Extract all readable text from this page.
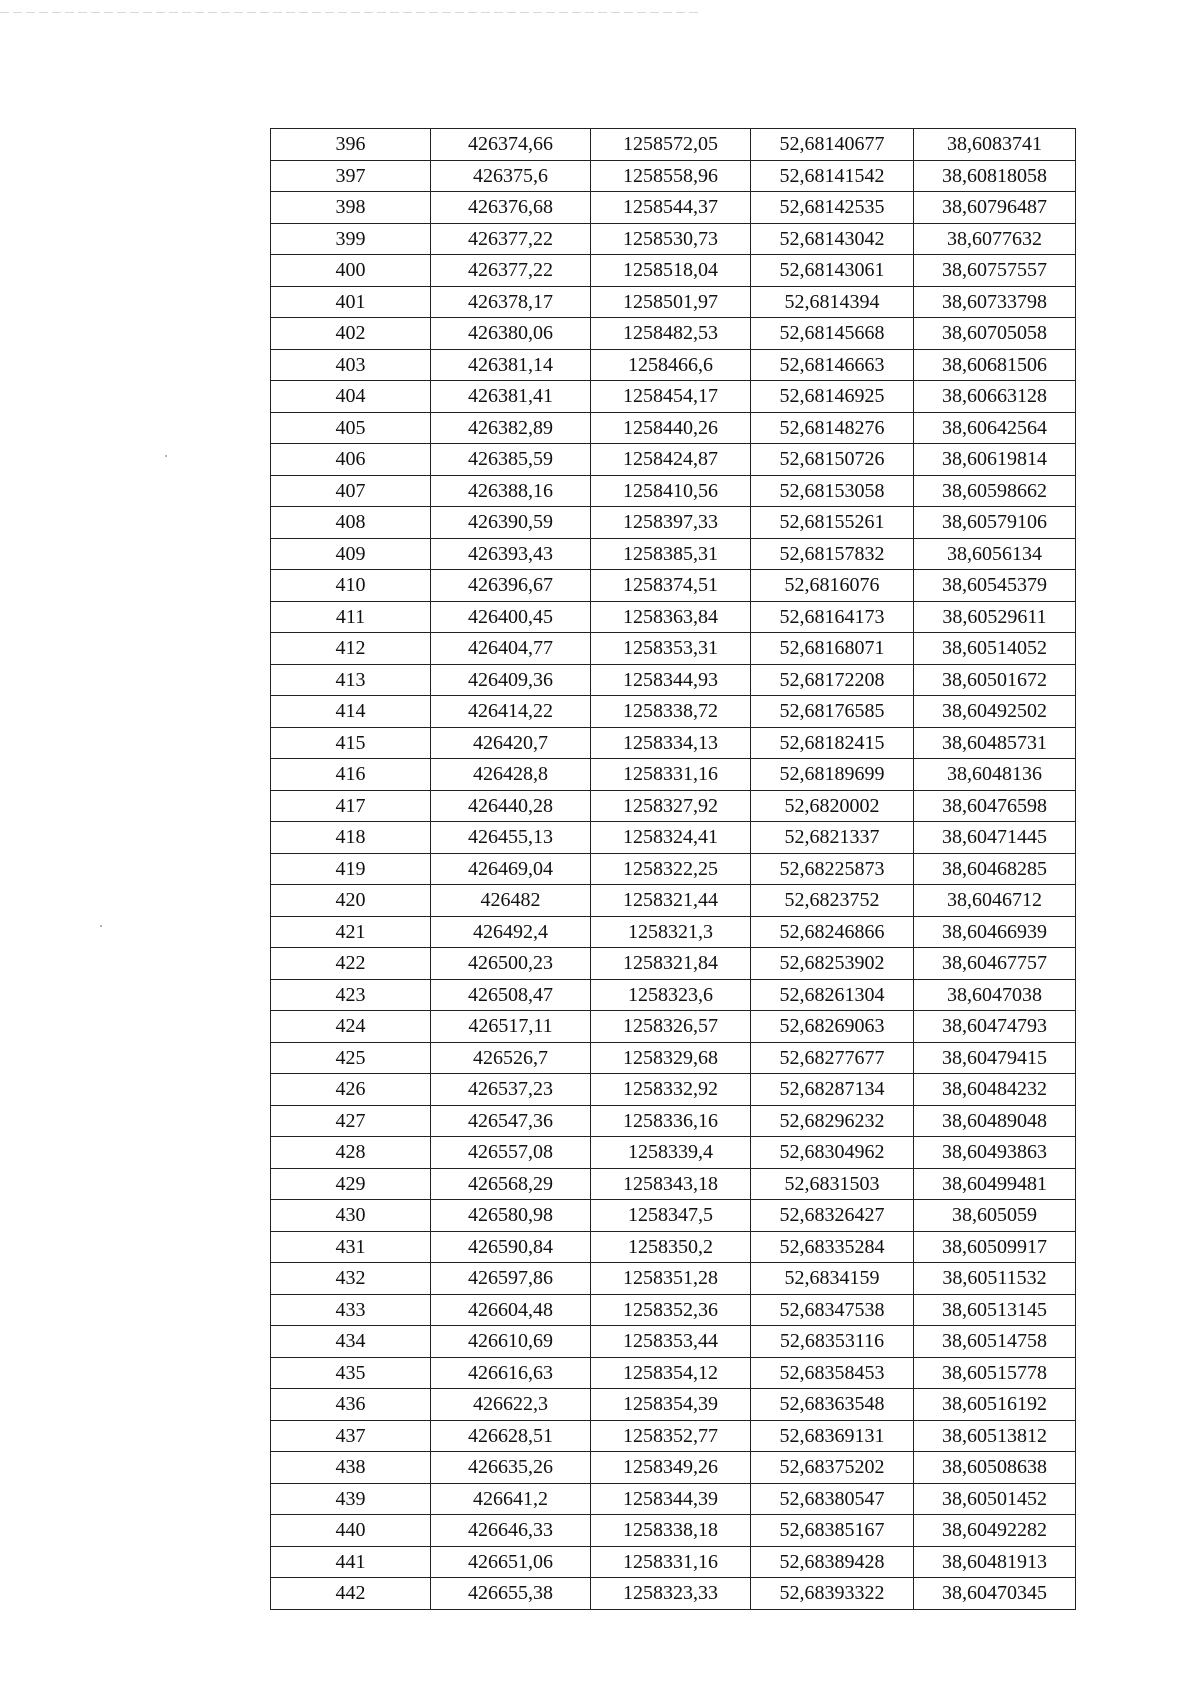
396	426374,66	1258572,05	52,68140677	38,6083741
397	426375,6	1258558,96	52,68141542	38,60818058
398	426376,68	1258544,37	52,68142535	38,60796487
399	426377,22	1258530,73	52,68143042	38,6077632
400	426377,22	1258518,04	52,68143061	38,60757557
401	426378,17	1258501,97	52,6814394	38,60733798
402	426380,06	1258482,53	52,68145668	38,60705058
403	426381,14	1258466,6	52,68146663	38,60681506
404	426381,41	1258454,17	52,68146925	38,60663128
405	426382,89	1258440,26	52,68148276	38,60642564
406	426385,59	1258424,87	52,68150726	38,60619814
407	426388,16	1258410,56	52,68153058	38,60598662
408	426390,59	1258397,33	52,68155261	38,60579106
409	426393,43	1258385,31	52,68157832	38,6056134
410	426396,67	1258374,51	52,6816076	38,60545379
411	426400,45	1258363,84	52,68164173	38,60529611
412	426404,77	1258353,31	52,68168071	38,60514052
413	426409,36	1258344,93	52,68172208	38,60501672
414	426414,22	1258338,72	52,68176585	38,60492502
415	426420,7	1258334,13	52,68182415	38,60485731
416	426428,8	1258331,16	52,68189699	38,6048136
417	426440,28	1258327,92	52,6820002	38,60476598
418	426455,13	1258324,41	52,6821337	38,60471445
419	426469,04	1258322,25	52,68225873	38,60468285
420	426482	1258321,44	52,6823752	38,6046712
421	426492,4	1258321,3	52,68246866	38,60466939
422	426500,23	1258321,84	52,68253902	38,60467757
423	426508,47	1258323,6	52,68261304	38,6047038
424	426517,11	1258326,57	52,68269063	38,60474793
425	426526,7	1258329,68	52,68277677	38,60479415
426	426537,23	1258332,92	52,68287134	38,60484232
427	426547,36	1258336,16	52,68296232	38,60489048
428	426557,08	1258339,4	52,68304962	38,60493863
429	426568,29	1258343,18	52,6831503	38,60499481
430	426580,98	1258347,5	52,68326427	38,605059
431	426590,84	1258350,2	52,68335284	38,60509917
432	426597,86	1258351,28	52,6834159	38,60511532
433	426604,48	1258352,36	52,68347538	38,60513145
434	426610,69	1258353,44	52,68353116	38,60514758
435	426616,63	1258354,12	52,68358453	38,60515778
436	426622,3	1258354,39	52,68363548	38,60516192
437	426628,51	1258352,77	52,68369131	38,60513812
438	426635,26	1258349,26	52,68375202	38,60508638
439	426641,2	1258344,39	52,68380547	38,60501452
440	426646,33	1258338,18	52,68385167	38,60492282
441	426651,06	1258331,16	52,68389428	38,60481913
442	426655,38	1258323,33	52,68393322	38,60470345
